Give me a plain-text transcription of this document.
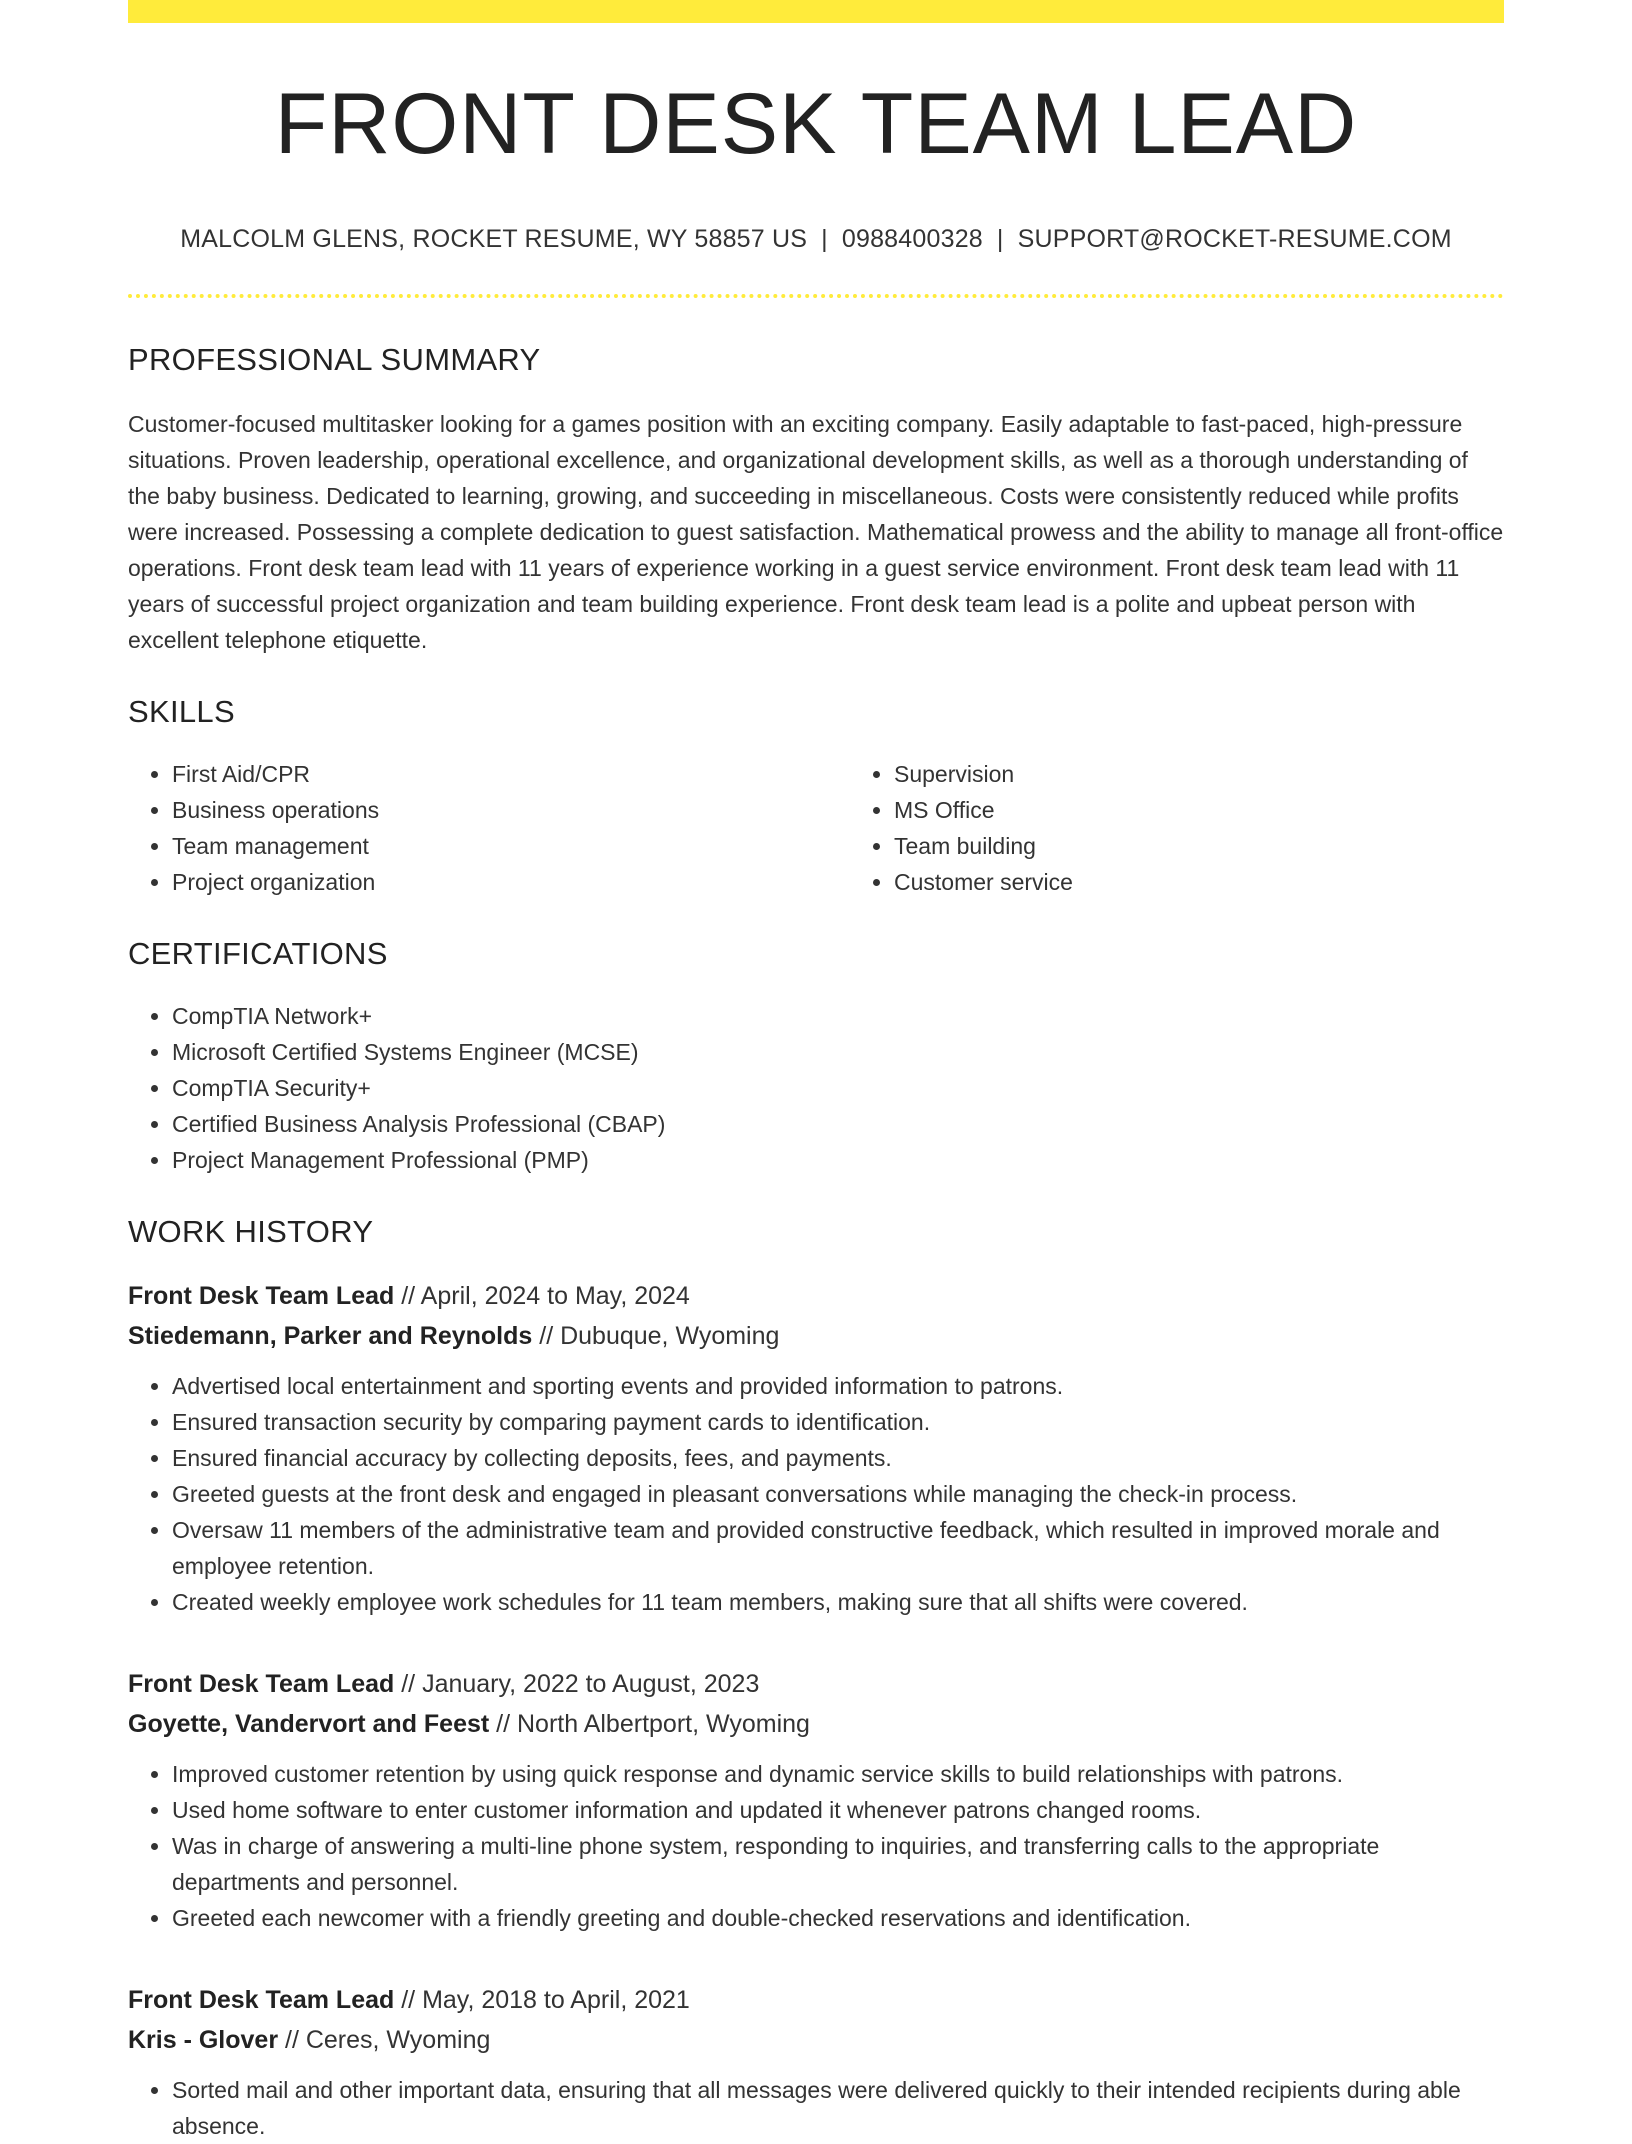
FRONT DESK TEAM LEAD
MALCOLM GLENS, ROCKET RESUME, WY 58857 US | 0988400328 | SUPPORT@ROCKET-RESUME.COM
PROFESSIONAL SUMMARY

Customer-focused multitasker looking for a games position with an exciting company. Easily adaptable to fast-paced, high-pressure situations. Proven leadership, operational excellence, and organizational development skills, as well as a thorough understanding of the baby business. Dedicated to learning, growing, and succeeding in miscellaneous. Costs were consistently reduced while profits were increased. Possessing a complete dedication to guest satisfaction. Mathematical prowess and the ability to manage all front-office operations. Front desk team lead with 11 years of experience working in a guest service environment. Front desk team lead with 11 years of successful project organization and team building experience. Front desk team lead is a polite and upbeat person with excellent telephone etiquette.

SKILLS
• First Aid/CPR
• Business operations
• Team management
• Project organization
• Supervision
• MS Office
• Team building
• Customer service
CERTIFICATIONS
• CompTIA Network+
• Microsoft Certified Systems Engineer (MCSE)
• CompTIA Security+
• Certified Business Analysis Professional (CBAP)
• Project Management Professional (PMP)
WORK HISTORY
Front Desk Team Lead // April, 2024 to May, 2024
Stiedemann, Parker and Reynolds // Dubuque, Wyoming
• Advertised local entertainment and sporting events and provided information to patrons.
• Ensured transaction security by comparing payment cards to identification.
• Ensured financial accuracy by collecting deposits, fees, and payments.
• Greeted guests at the front desk and engaged in pleasant conversations while managing the check-in process.
• Oversaw 11 members of the administrative team and provided constructive feedback, which resulted in improved morale and employee retention.
• Created weekly employee work schedules for 11 team members, making sure that all shifts were covered.
Front Desk Team Lead // January, 2022 to August, 2023
Goyette, Vandervort and Feest // North Albertport, Wyoming
• Improved customer retention by using quick response and dynamic service skills to build relationships with patrons.
• Used home software to enter customer information and updated it whenever patrons changed rooms.
• Was in charge of answering a multi-line phone system, responding to inquiries, and transferring calls to the appropriate departments and personnel.
• Greeted each newcomer with a friendly greeting and double-checked reservations and identification.
Front Desk Team Lead // May, 2018 to April, 2021
Kris - Glover // Ceres, Wyoming
• Sorted mail and other important data, ensuring that all messages were delivered quickly to their intended recipients during able absence.
